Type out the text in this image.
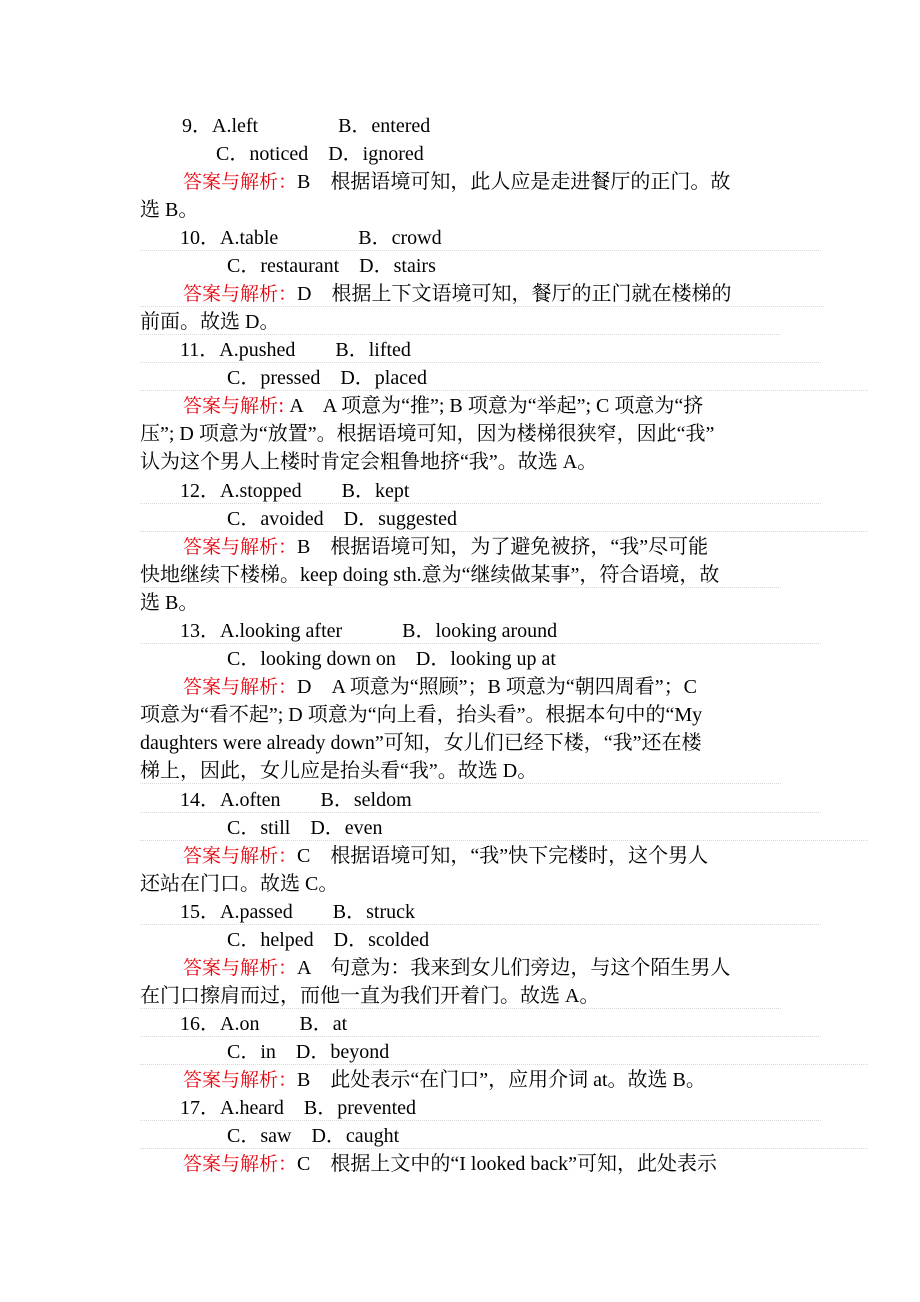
9．A.left　　　　B．entered
C．noticed　D．ignored
答案与解析：B　根据语境可知，此人应是走进餐厅的正门。故
选 B。
10．A.table　　　　B．crowd
C．restaurant　D．stairs
答案与解析：D　根据上下文语境可知，餐厅的正门就在楼梯的
前面。故选 D。
11．A.pushed　　B．lifted
C．pressed　D．placed
答案与解析: A　A 项意为“推”; B 项意为“举起”; C 项意为“挤
压”; D 项意为“放置”。根据语境可知，因为楼梯很狭窄，因此“我”
认为这个男人上楼时肯定会粗鲁地挤“我”。故选 A。
12．A.stopped　　B．kept
C．avoided　D．suggested
答案与解析：B　根据语境可知，为了避免被挤，“我”尽可能
快地继续下楼梯。keep doing sth.意为“继续做某事”，符合语境，故
选 B。
13．A.looking after　　　B．looking around
C．looking down on　D．looking up at
答案与解析：D　A 项意为“照顾”；B 项意为“朝四周看”；C
项意为“看不起”; D 项意为“向上看，抬头看”。根据本句中的“My
daughters were already down”可知，女儿们已经下楼，“我”还在楼
梯上，因此，女儿应是抬头看“我”。故选 D。
14．A.often　　B．seldom
C．still　D．even
答案与解析：C　根据语境可知，“我”快下完楼时，这个男人
还站在门口。故选 C。
15．A.passed　　B．struck
C．helped　D．scolded
答案与解析：A　句意为：我来到女儿们旁边，与这个陌生男人
在门口擦肩而过，而他一直为我们开着门。故选 A。
16．A.on　　B．at
C．in　D．beyond
答案与解析：B　此处表示“在门口”，应用介词 at。故选 B。
17．A.heard　B．prevented
C．saw　D．caught
答案与解析：C　根据上文中的“I looked back”可知，此处表示
